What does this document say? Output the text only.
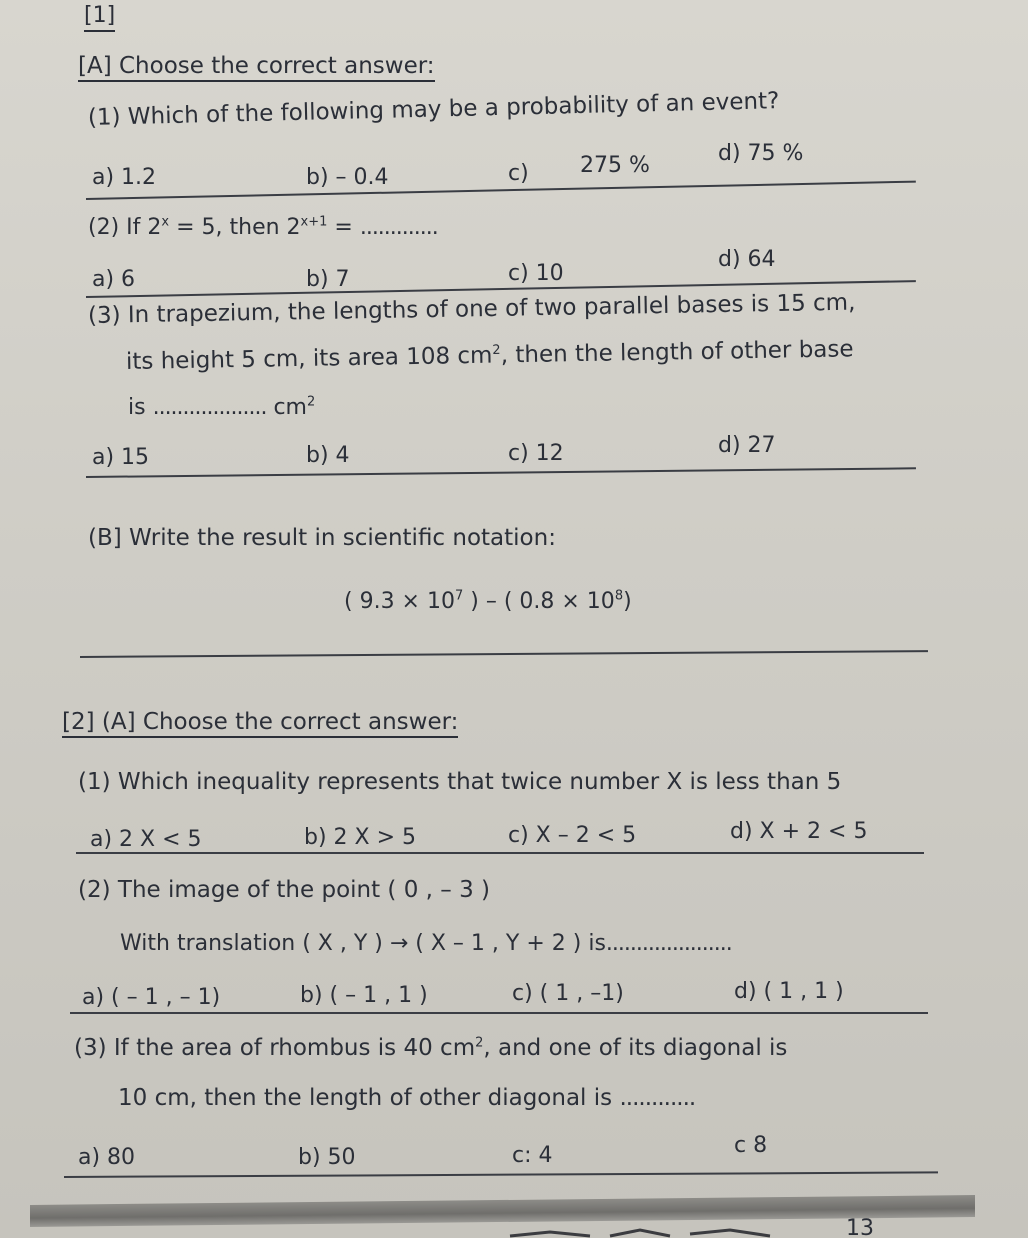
[1]
[A] Choose the correct answer:
(1) Which of the following may be a probability of an event?
a) 1.2	b) – 0.4	c) 275 %	d) 75 %
(2) If $2^x = 5$, then $2^{x+1}$ = .............
a) 6	b) 7	c) 10
d) 64
(3) In trapezium, the lengths of one of two parallel bases is 15 cm,
its height 5 cm, its area 108 $cm^2$, then the length of other base
is ................... $cm^2$
a) 15	b) 4	c) 12	d) 27
(B] Write the result in scientific notation:
( $9.3 \times 10^7$ ) – ( $0.8 \times 10^8$)
[2] (A] Choose the correct answer:
(1) Which inequality represents that twice number X is less than 5
a) 2 X < 5	b) 2 X > 5	c) X – 2 < 5	d) X + 2 < 5
(2) The image of the point ( 0 , – 3 )
With translation ( X , Y ) → ( X – 1 , Y + 2 ) is.....................
a) ( – 1 , – 1)	b) ( – 1 , 1 )	c) ( 1 , –1)	d) ( 1 , 1 )
(3) If the area of rhombus is 40 $cm^2$, and one of its diagonal is
10 cm, then the length of other diagonal is ............
a) 80	b) 50	c: 4	c 8
13
